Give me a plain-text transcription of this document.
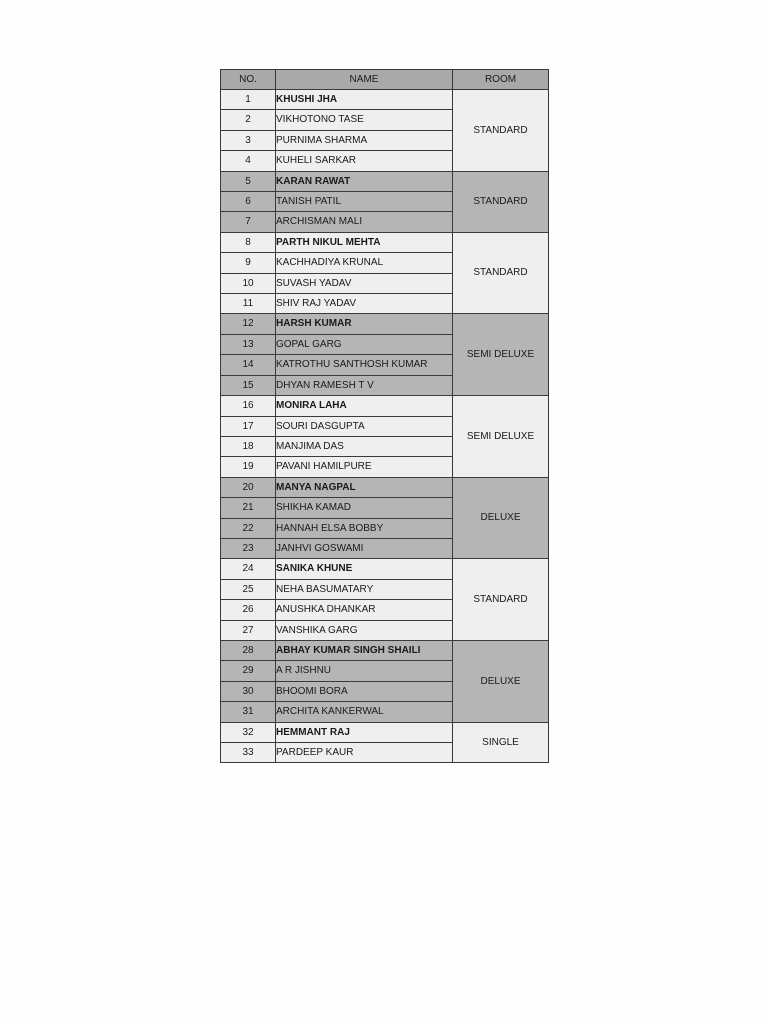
NO.	NAME	ROOM
1	KHUSHI JHA	STANDARD
2	VIKHOTONO TASE	
3	PURNIMA SHARMA	
4	KUHELI SARKAR	
5	KARAN RAWAT	STANDARD
6	TANISH PATIL	
7	ARCHISMAN MALI	
8	PARTH NIKUL MEHTA	STANDARD
9	KACHHADIYA KRUNAL	
10	SUVASH YADAV	
11	SHIV RAJ YADAV	
12	HARSH KUMAR	SEMI DELUXE
13	GOPAL GARG	
14	KATROTHU SANTHOSH KUMAR	
15	DHYAN RAMESH T V	
16	MONIRA LAHA	SEMI DELUXE
17	SOURI DASGUPTA	
18	MANJIMA DAS	
19	PAVANI HAMILPURE	
20	MANYA NAGPAL	DELUXE
21	SHIKHA KAMAD	
22	HANNAH ELSA BOBBY	
23	JANHVI GOSWAMI	
24	SANIKA KHUNE	STANDARD
25	NEHA BASUMATARY	
26	ANUSHKA DHANKAR	
27	VANSHIKA GARG	
28	ABHAY KUMAR SINGH SHAILI	DELUXE
29	A R JISHNU	
30	BHOOMI BORA	
31	ARCHITA KANKERWAL	
32	HEMMANT RAJ	SINGLE
33	PARDEEP KAUR	
